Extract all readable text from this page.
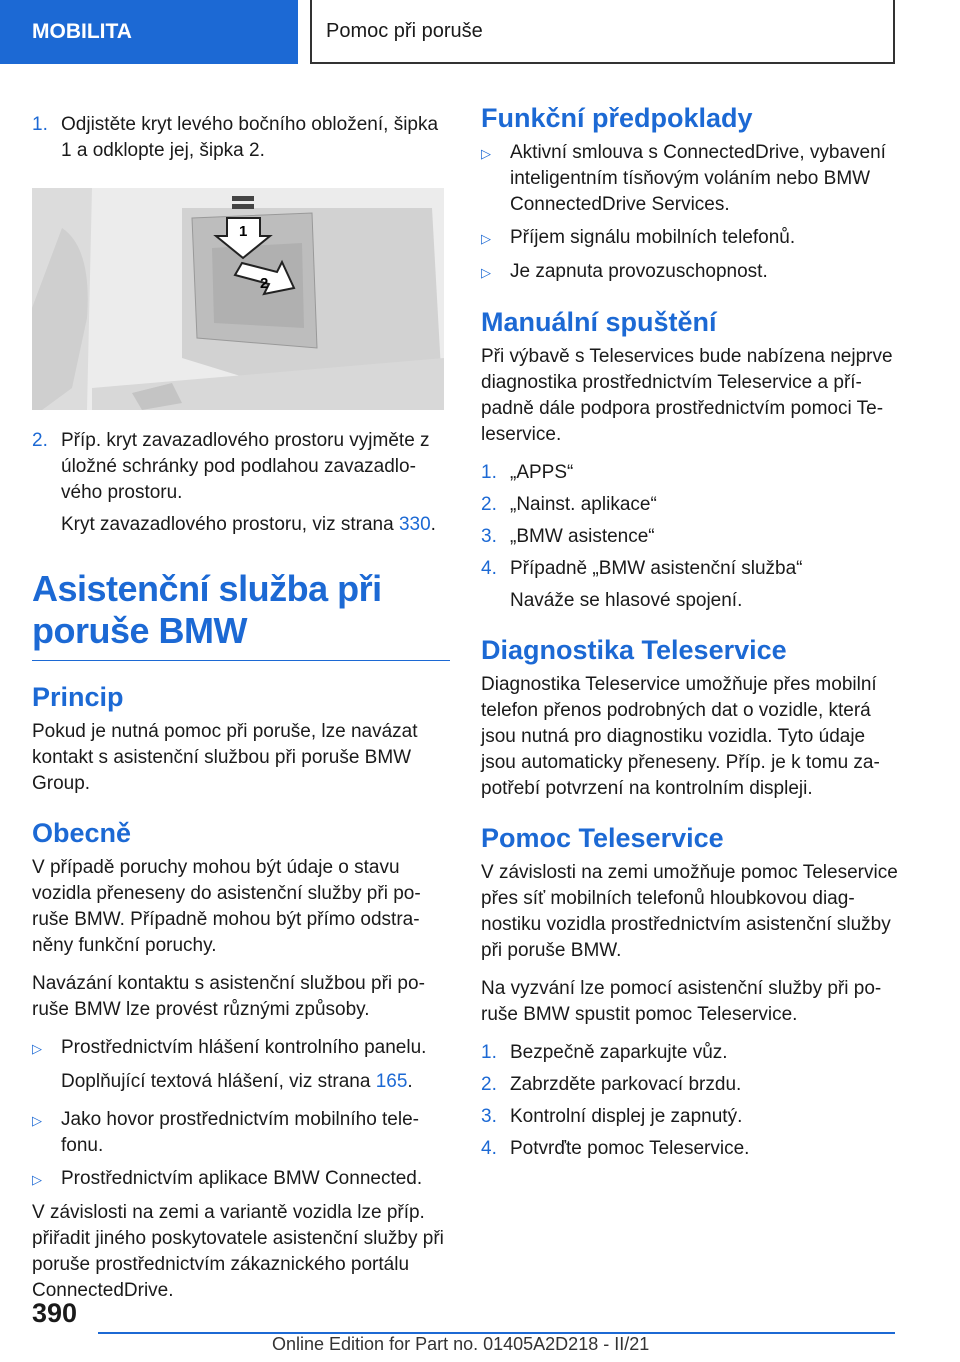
MOBILITA	Pomoc při poruše
1. Odjistěte kryt levého bočního obložení, šipka 1 a odklopte jej, šipka 2.
1
2
2. Příp. kryt zavazadlového prostoru vyjměte z úložné schránky pod podlahou zavazadlového prostoru.

Kryt zavazadlového prostoru, viz strana 330.

Asistenční služba při
poruše BMW
Princip

Pokud je nutná pomoc při poruše, lze navázat kontakt s asistenční službou při poruše BMW Group.

Obecně

V případě poruchy mohou být údaje o stavu vozidla přeneseny do asistenční služby při poruše BMW. Případně mohou být přímo odstraněny funkční poruchy.

Navázání kontaktu s asistenční službou při poruše BMW lze provést různými způsoby.

▷	Prostřednictvím hlášení kontrolního panelu.

Doplňující textová hlášení, viz strana 165.

▷	Jako hovor prostřednictvím mobilního telefonu.
▷	Prostřednictvím aplikace BMW Connected.

V závislosti na zemi a variantě vozidla lze příp. přiřadit jiného poskytovatele asistenční služby při poruše prostřednictvím zákaznického portálu ConnectedDrive.

Funkční předpoklady
▷	Aktivní smlouva s ConnectedDrive, vybavení inteligentním tísňovým voláním nebo BMW ConnectedDrive Services.
▷	Příjem signálu mobilních telefonů.
▷	Je zapnuta provozuschopnost.
Manuální spuštění

Při výbavě s Teleservices bude nabízena nejprve diagnostika prostřednictvím Teleservice a případně dále podpora prostřednictvím pomoci Teleservice.

1. „APPS“
2. „Nainst. aplikace“
3. „BMW asistence“
4. Případně „BMW asistenční služba“

Naváže se hlasové spojení.

Diagnostika Teleservice

Diagnostika Teleservice umožňuje přes mobilní telefon přenos podrobných dat o vozidle, která jsou nutná pro diagnostiku vozidla. Tyto údaje jsou automaticky přeneseny. Příp. je k tomu zapotřebí potvrzení na kontrolním displeji.

Pomoc Teleservice

V závislosti na zemi umožňuje pomoc Teleservice přes síť mobilních telefonů hloubkovou diagnostiku vozidla prostřednictvím asistenční služby při poruše BMW.

Na vyzvání lze pomocí asistenční služby při poruše BMW spustit pomoc Teleservice.

1. Bezpečně zaparkujte vůz.
2. Zabrzděte parkovací brzdu.
3. Kontrolní displej je zapnutý.
4. Potvrďte pomoc Teleservice.
390
Online Edition for Part no. 01405A2D218 - II/21
